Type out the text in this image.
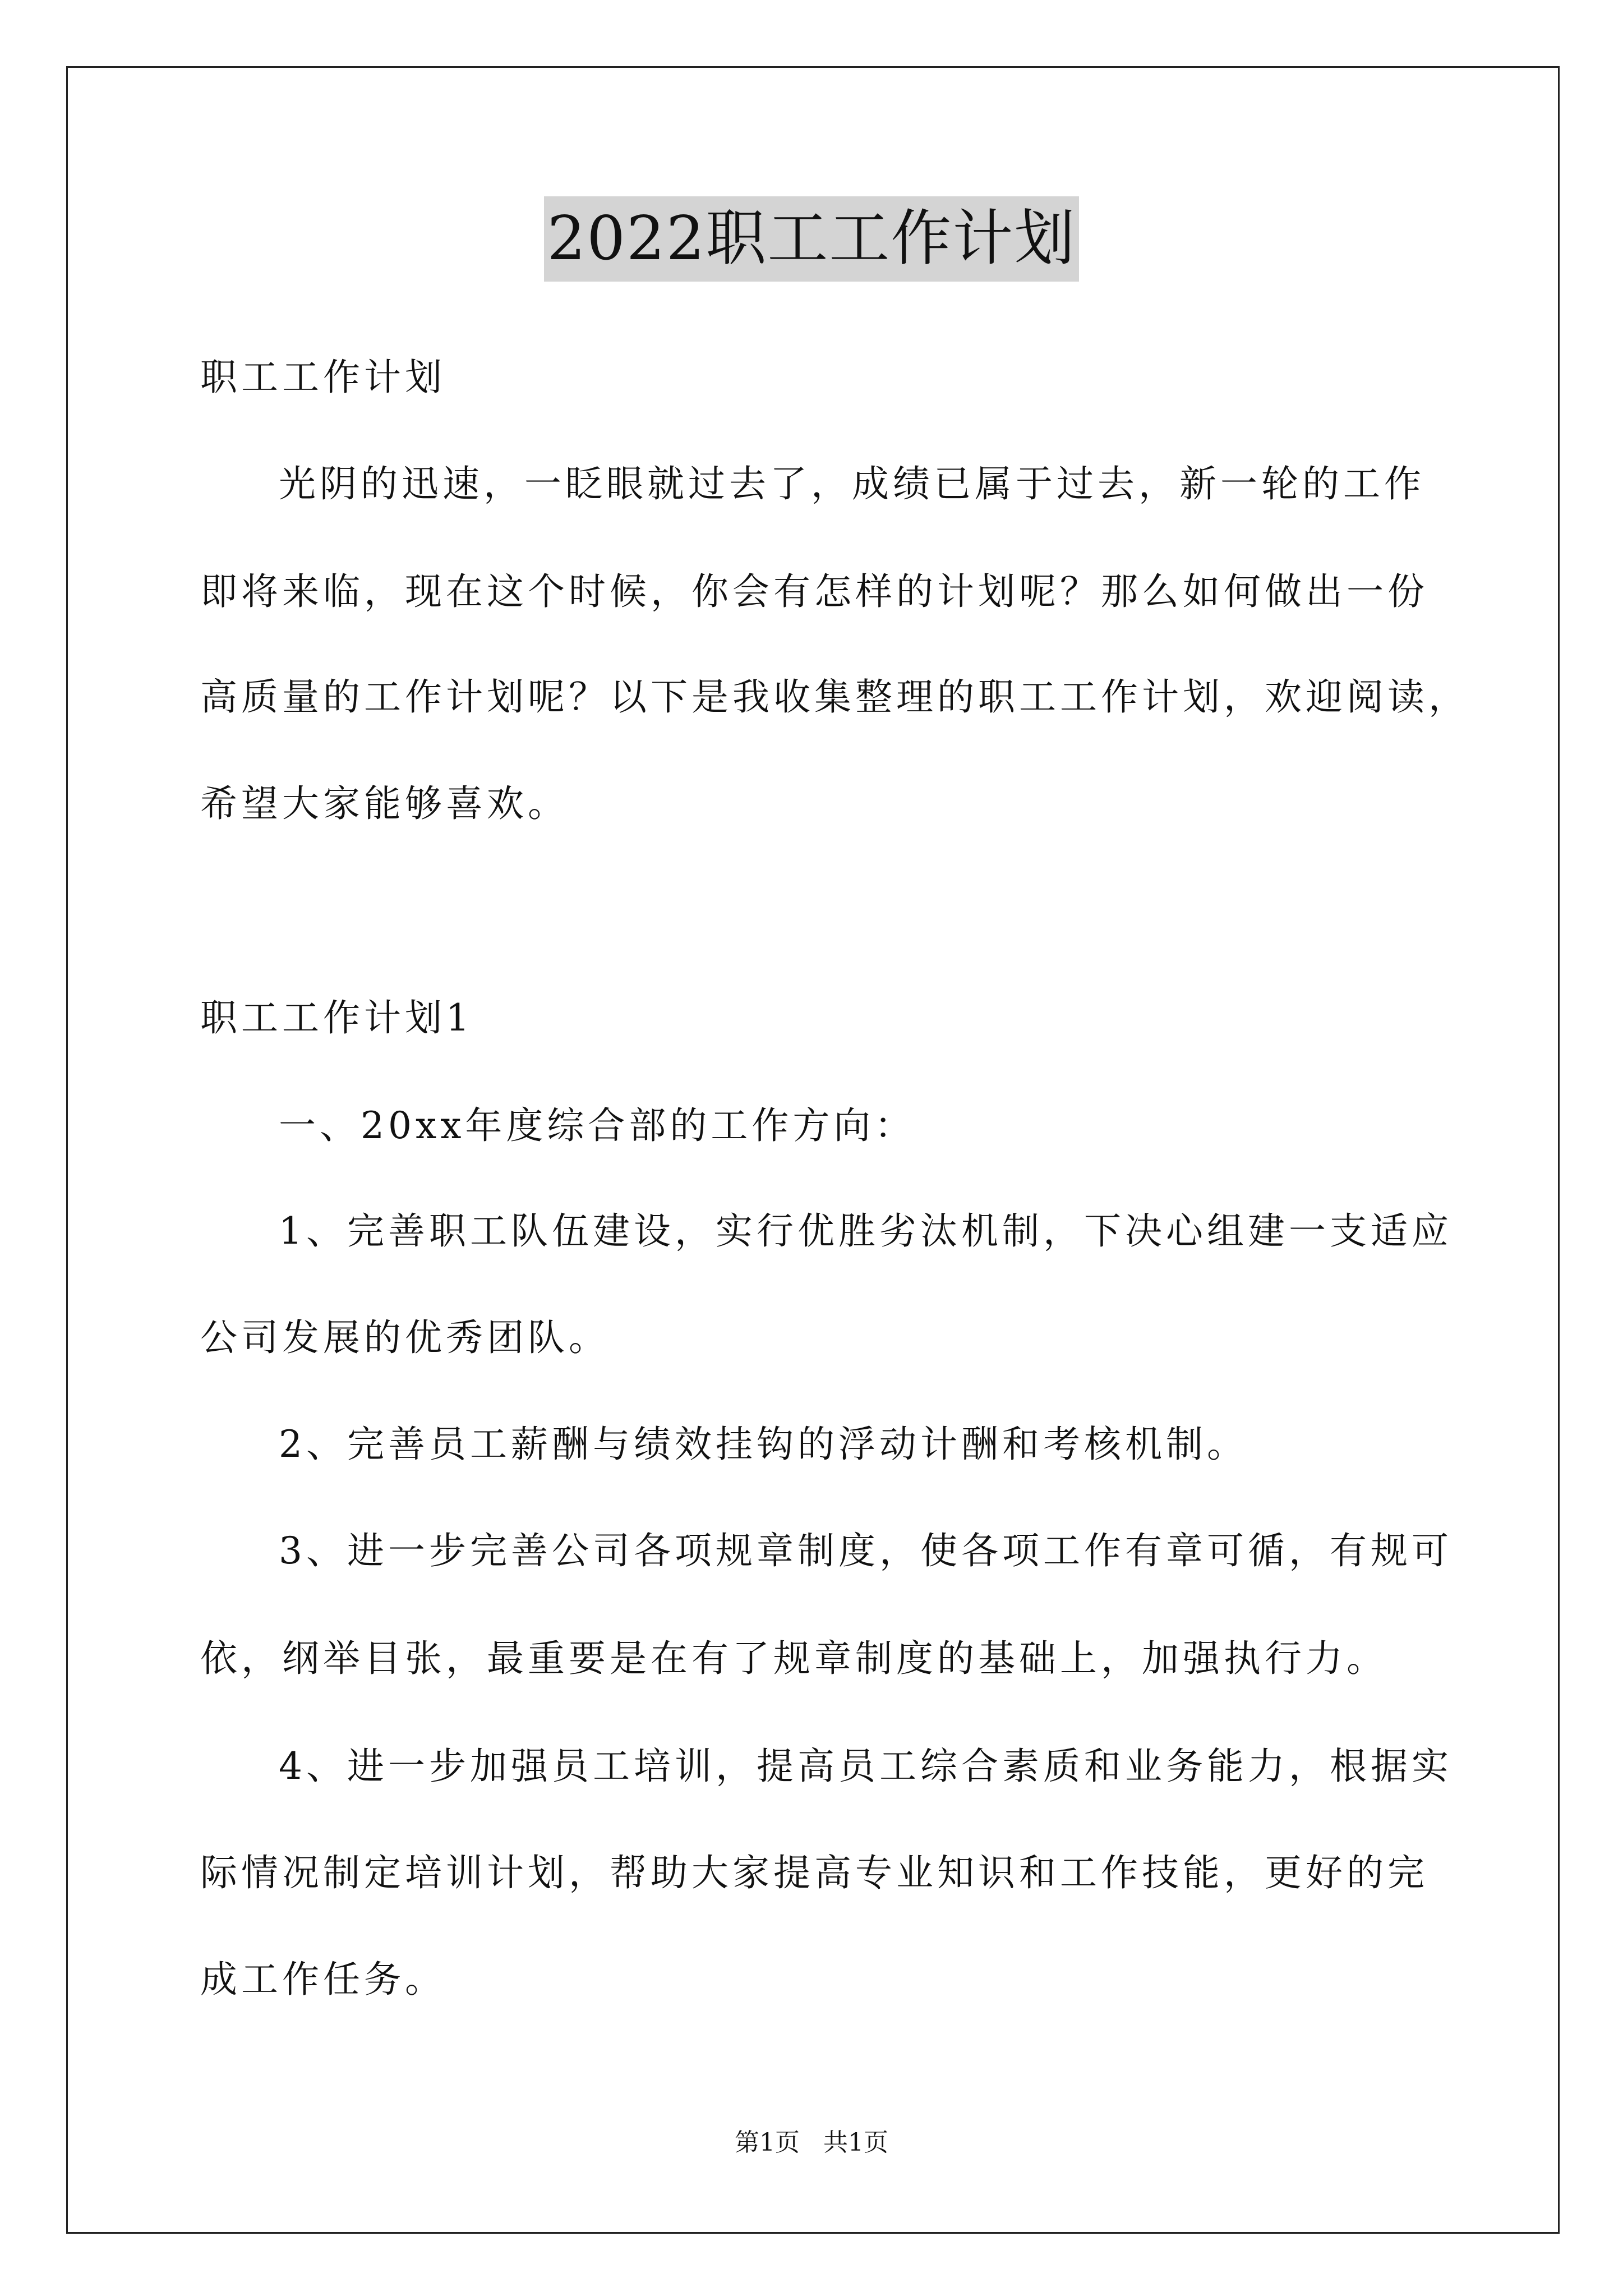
2022职工工作计划
职工工作计划
光阴的迅速，一眨眼就过去了，成绩已属于过去，新一轮的工作
即将来临，现在这个时候，你会有怎样的计划呢？那么如何做出一份
高质量的工作计划呢？以下是我收集整理的职工工作计划，欢迎阅读，
希望大家能够喜欢。
职工工作计划1
一、20xx年度综合部的工作方向：
1、完善职工队伍建设，实行优胜劣汰机制，下决心组建一支适应
公司发展的优秀团队。
2、完善员工薪酬与绩效挂钩的浮动计酬和考核机制。
3、进一步完善公司各项规章制度，使各项工作有章可循，有规可
依，纲举目张，最重要是在有了规章制度的基础上，加强执行力。
4、进一步加强员工培训，提高员工综合素质和业务能力，根据实
际情况制定培训计划，帮助大家提高专业知识和工作技能，更好的完
成工作任务。
第1页   共1页
